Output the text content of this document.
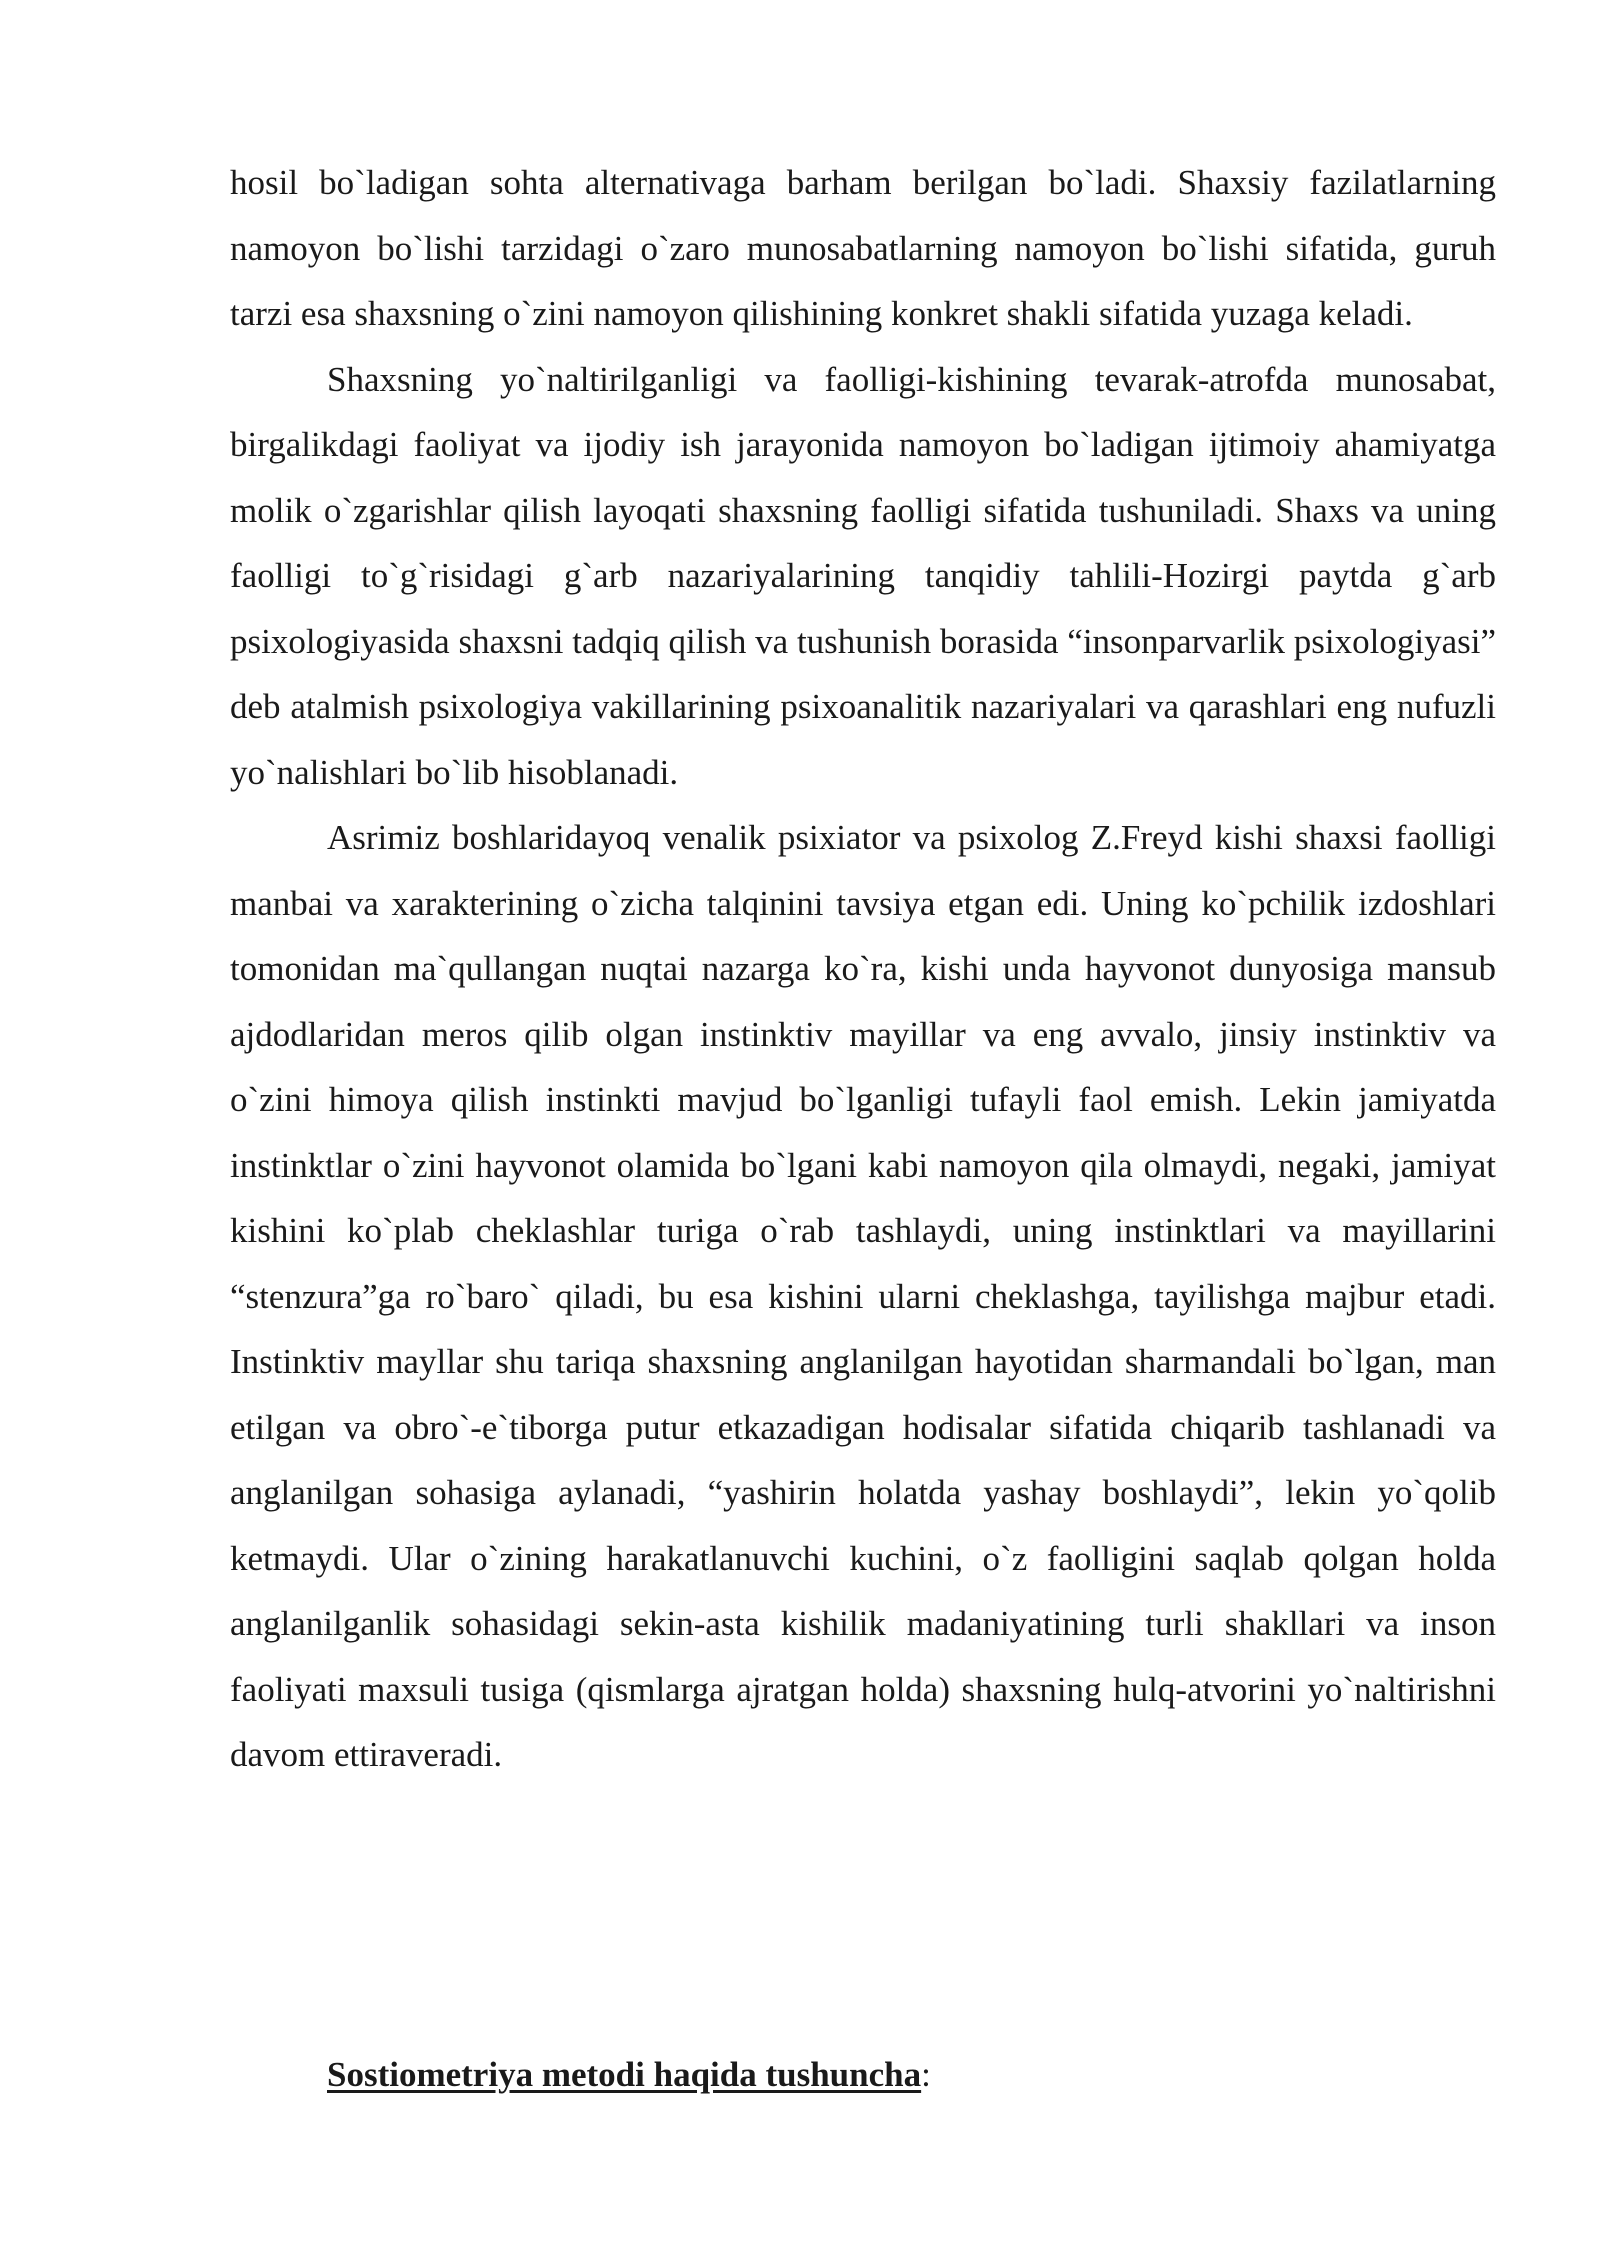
hosil bo`ladigan sohta alternativaga barham berilgan bo`ladi. Shaxsiy fazilatlarning namoyon bo`lishi tarzidagi o`zaro munosabatlarning namoyon bo`lishi sifatida, guruh tarzi esa shaxsning o`zini namoyon qilishining konkret shakli sifatida yuzaga keladi.

Shaxsning yo`naltirilganligi va faolligi-kishining tevarak-atrofda munosabat, birgalikdagi faoliyat va ijodiy ish jarayonida namoyon bo`ladigan ijtimoiy ahamiyatga molik o`zgarishlar qilish layoqati shaxsning faolligi sifatida tushuniladi. Shaxs va uning faolligi to`g`risidagi g`arb nazariyalarining tanqidiy tahlili-Hozirgi paytda g`arb psixologiyasida shaxsni tadqiq qilish va tushunish borasida “insonparvarlik psixologiyasi” deb atalmish psixologiya vakillarining psixoanalitik nazariyalari va qarashlari eng nufuzli yo`nalishlari bo`lib hisoblanadi.

Asrimiz boshlaridayoq venalik psixiator va psixolog Z.Freyd kishi shaxsi faolligi manbai va xarakterining o`zicha talqinini tavsiya etgan edi. Uning ko`pchilik izdoshlari tomonidan ma`qullangan nuqtai nazarga ko`ra, kishi unda hayvonot dunyosiga mansub ajdodlaridan meros qilib olgan instinktiv mayillar va eng avvalo, jinsiy instinktiv va o`zini himoya qilish instinkti mavjud bo`lganligi tufayli faol emish. Lekin jamiyatda instinktlar o`zini hayvonot olamida bo`lgani kabi namoyon qila olmaydi, negaki, jamiyat kishini ko`plab cheklashlar turiga o`rab tashlaydi, uning instinktlari va mayillarini “stenzura”ga ro`baro` qiladi, bu esa kishini ularni cheklashga, tayilishga majbur etadi. Instinktiv mayllar shu tariqa shaxsning anglanilgan hayotidan sharmandali bo`lgan, man etilgan va obro`-e`tiborga putur etkazadigan hodisalar sifatida chiqarib tashlanadi va anglanilgan sohasiga aylanadi, “yashirin holatda yashay boshlaydi”, lekin yo`qolib ketmaydi. Ular o`zining harakatlanuvchi kuchini, o`z faolligini saqlab qolgan holda anglanilganlik sohasidagi sekin-asta kishilik madaniyatining turli shakllari va inson faoliyati maxsuli tusiga (qismlarga ajratgan holda) shaxsning hulq-atvorini yo`naltirishni davom ettiraveradi.

Sostiometriya metodi haqida tushuncha:
